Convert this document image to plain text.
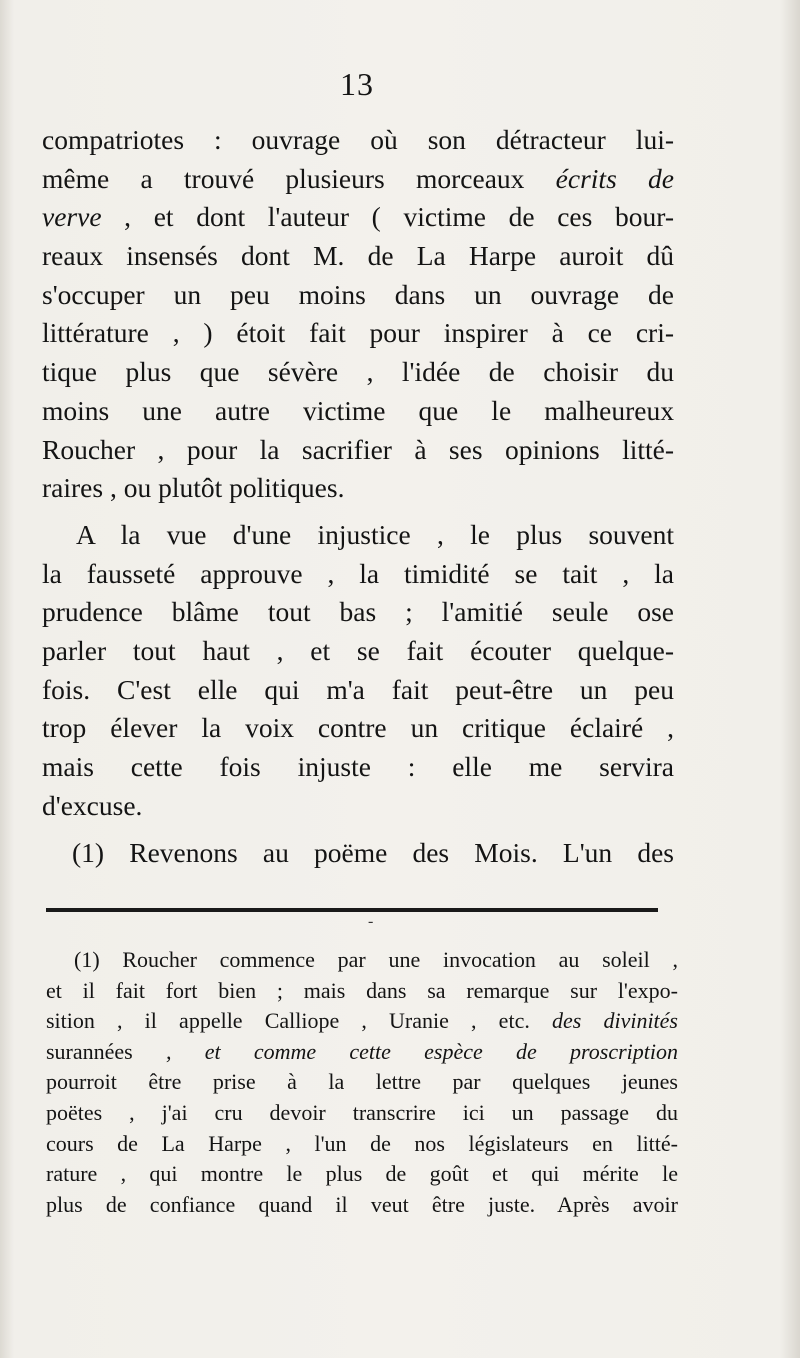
13
compatriotes : ouvrage où son détracteur lui-
même a trouvé plusieurs morceaux écrits de
verve , et dont l'auteur ( victime de ces bour-
reaux insensés dont M. de La Harpe auroit dû
s'occuper un peu moins dans un ouvrage de
littérature , ) étoit fait pour inspirer à ce cri-
tique plus que sévère , l'idée de choisir du
moins une autre victime que le malheureux
Roucher , pour la sacrifier à ses opinions litté-
raires , ou plutôt politiques.
A la vue d'une injustice , le plus souvent
la fausseté approuve , la timidité se tait , la
prudence blâme tout bas ; l'amitié seule ose
parler tout haut , et se fait écouter quelque-
fois. C'est elle qui m'a fait peut-être un peu
trop élever la voix contre un critique éclairé ,
mais cette fois injuste : elle me servira
d'excuse.
(1) Revenons au poëme des Mois. L'un des
-
(1) Roucher commence par une invocation au soleil ,
et il fait fort bien ; mais dans sa remarque sur l'expo-
sition , il appelle Calliope , Uranie , etc. des divinités
surannées , et comme cette espèce de proscription
pourroit être prise à la lettre par quelques jeunes
poëtes , j'ai cru devoir transcrire ici un passage du
cours de La Harpe , l'un de nos législateurs en litté-
rature , qui montre le plus de goût et qui mérite le
plus de confiance quand il veut être juste. Après avoir
